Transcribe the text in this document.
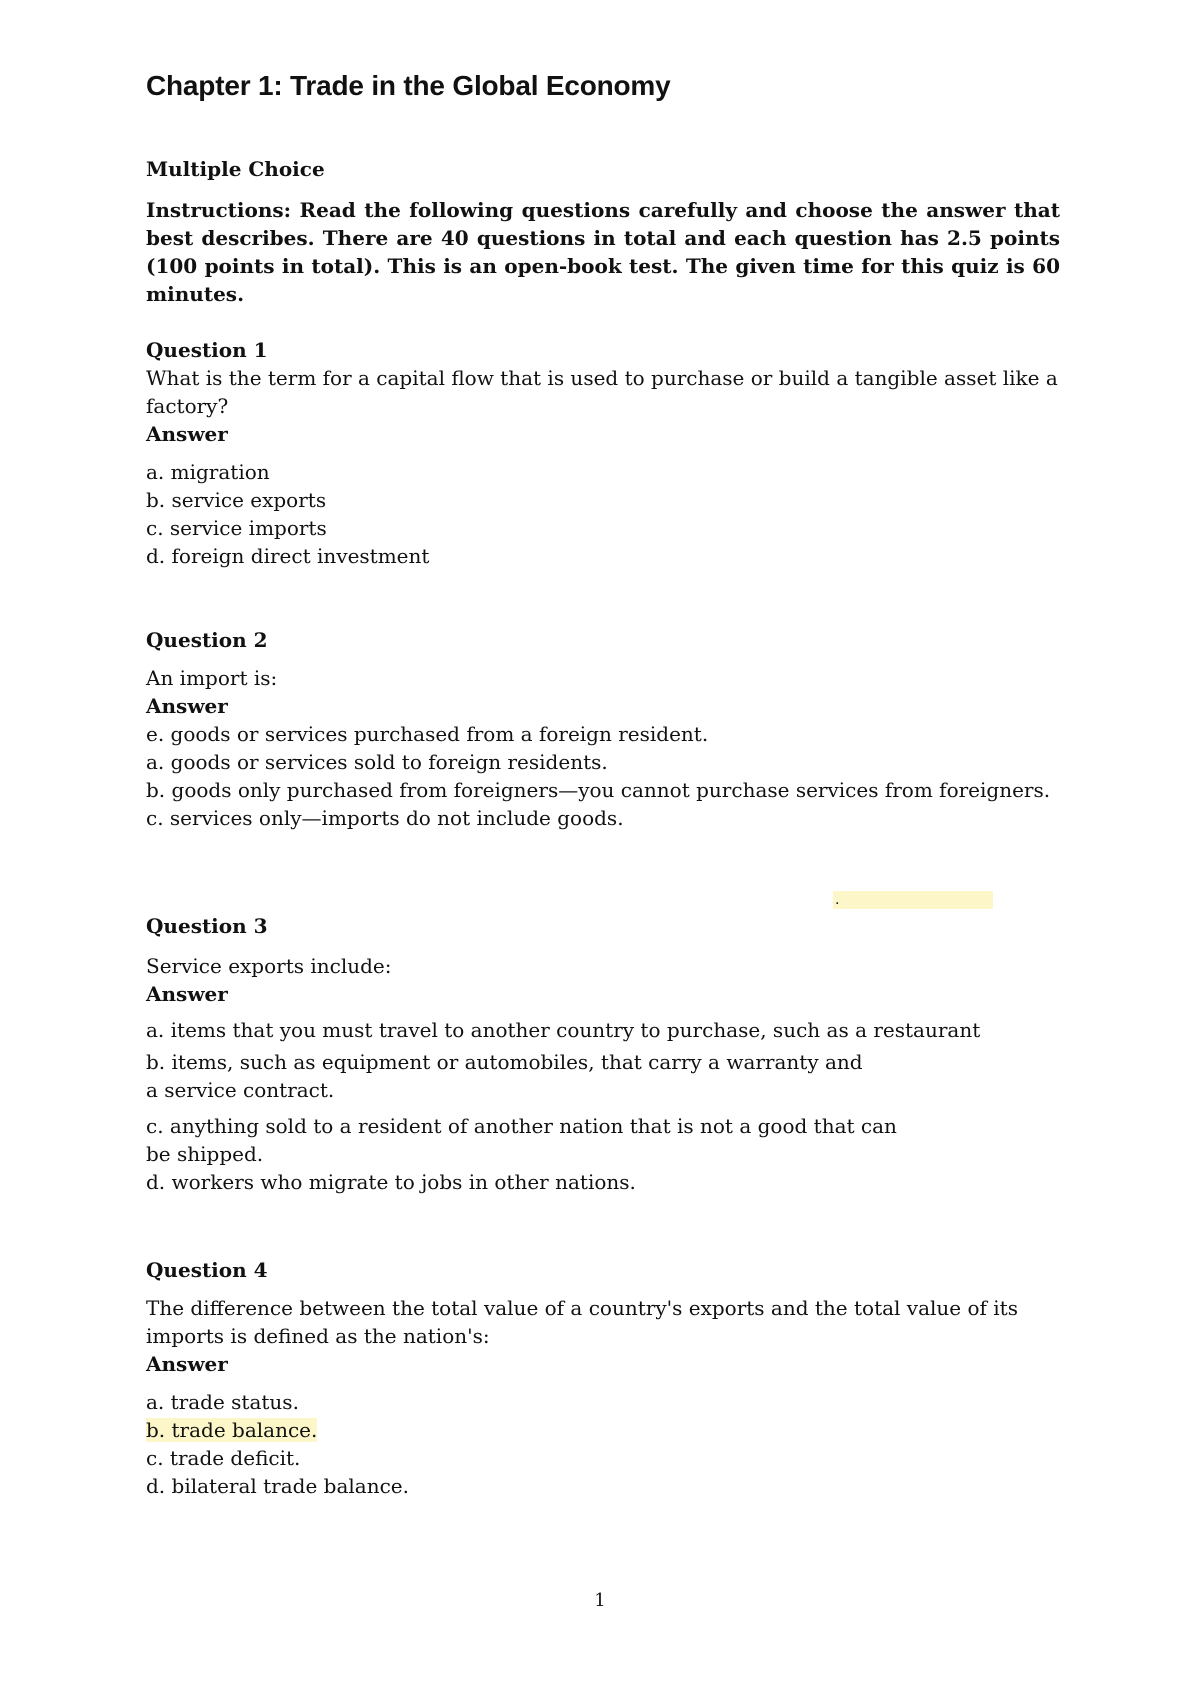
Chapter 1: Trade in the Global Economy
Multiple Choice

Instructions: Read the following questions carefully and choose the answer that best describes. There are 40 questions in total and each question has 2.5 points (100 points in total). This is an open-book test. The given time for this quiz is 60 minutes.

Question 1
What is the term for a capital flow that is used to purchase or build a tangible asset like a factory?
Answer
a. migration
b. service exports
c. service imports
d. foreign direct investment
Question 2
An import is:
Answer
e. goods or services purchased from a foreign resident.
a. goods or services sold to foreign residents.
b. goods only purchased from foreigners—you cannot purchase services from foreigners.
c. services only—imports do not include goods.
.
Question 3
Service exports include:
Answer
a. items that you must travel to another country to purchase, such as a restaurant
b. items, such as equipment or automobiles, that carry a warranty and a service contract.
c. anything sold to a resident of another nation that is not a good that can be shipped.
d. workers who migrate to jobs in other nations.
Question 4
The difference between the total value of a country's exports and the total value of its imports is defined as the nation's:
Answer
a. trade status.
b. trade balance.
c. trade deficit.
d. bilateral trade balance.
1
